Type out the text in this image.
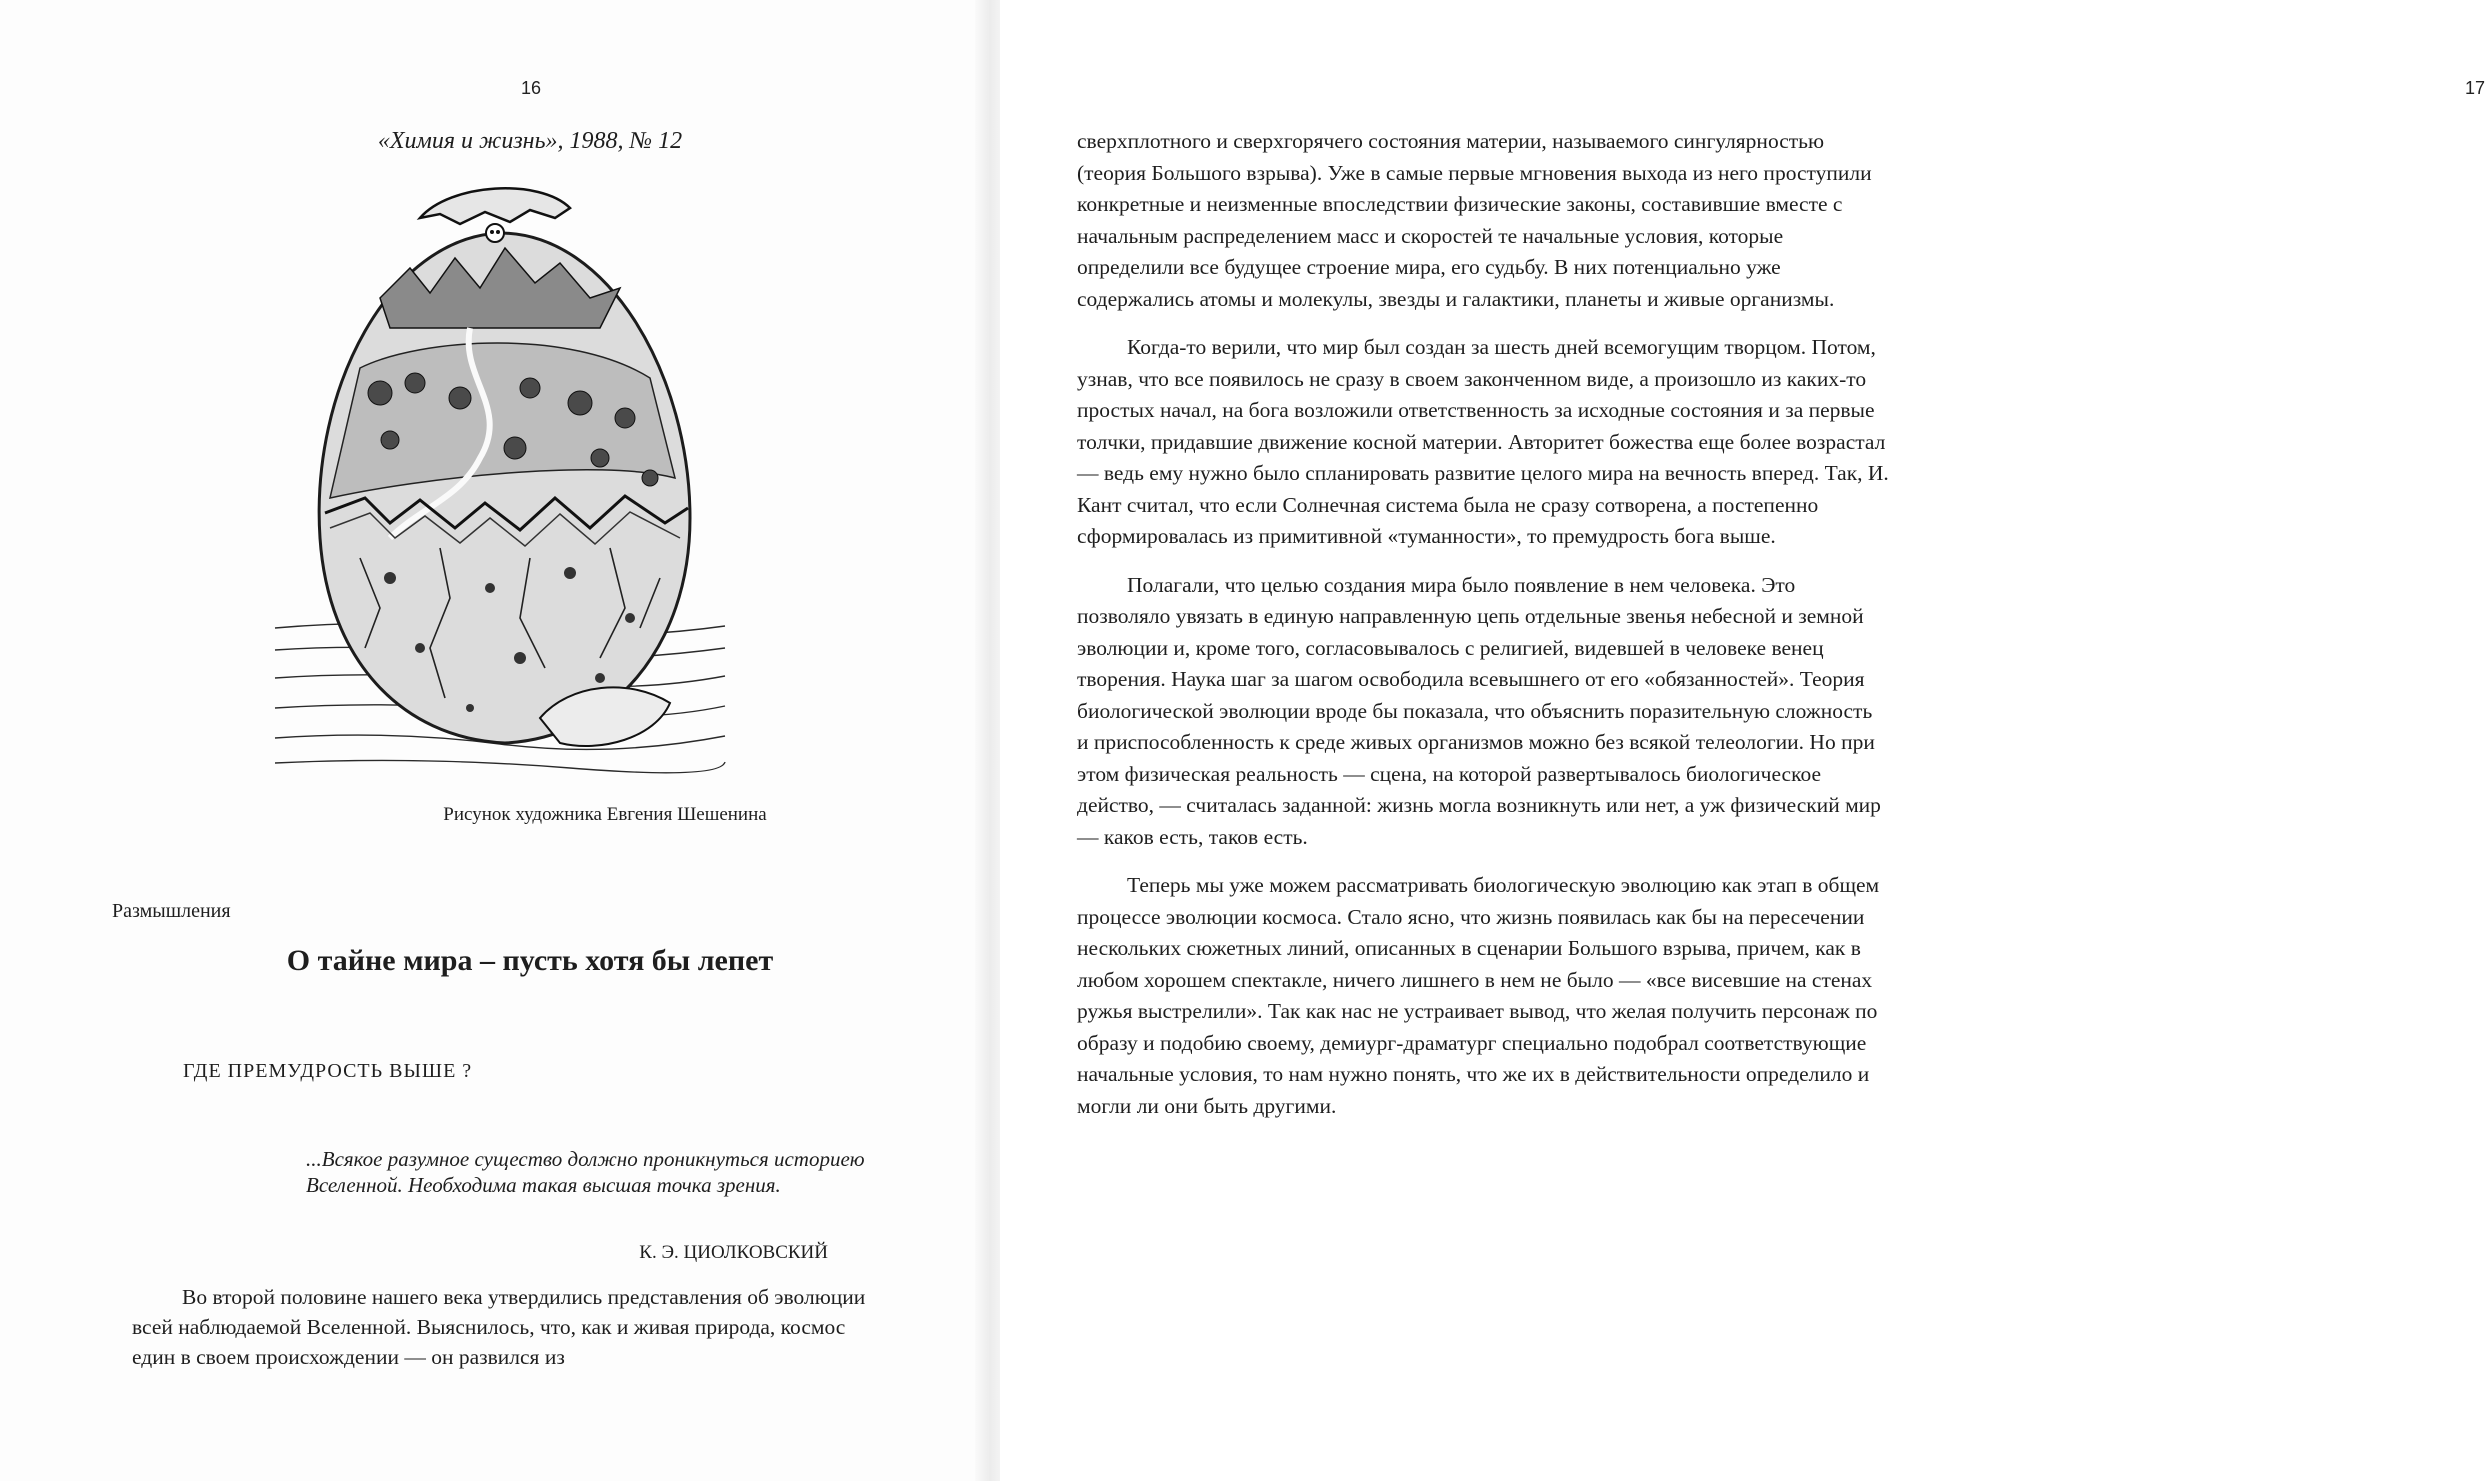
16
«Химия и жизнь», 1988, № 12
Рисунок художника Евгения Шешенина
Размышления
О тайне мира – пусть хотя бы лепет
ГДЕ ПРЕМУДРОСТЬ ВЫШЕ ?
...Всякое разумное существо должно проникнуться историею Вселенной. Необходима такая высшая точка зрения.
К. Э. ЦИОЛКОВСКИЙ

Во второй половине нашего века утвердились представления об эволюции всей наблюдаемой Вселенной. Выяснилось, что, как и живая природа, космос един в своем происхождении — он развился из

17

сверхплотного и сверхгорячего состояния материи, называемого сингулярностью (теория Большого взрыва). Уже в самые первые мгновения выхода из него проступили конкретные и неизменные впоследствии физические законы, составившие вместе с начальным распределением масс и скоростей те начальные условия, которые определили все будущее строение мира, его судьбу. В них потенциально уже содержались атомы и молекулы, звезды и галактики, планеты и живые организмы.

Когда-то верили, что мир был создан за шесть дней всемогущим творцом. Потом, узнав, что все появилось не сразу в своем законченном виде, а произошло из каких-то простых начал, на бога возложили ответственность за исходные состояния и за первые толчки, придавшие движение косной материи. Авторитет божества еще более возрастал — ведь ему нужно было спланировать развитие целого мира на вечность вперед. Так, И. Кант считал, что если Солнечная система была не сразу сотворена, а постепенно сформировалась из примитивной «туманности», то премудрость бога выше.

Полагали, что целью создания мира было появление в нем человека. Это позволяло увязать в единую направленную цепь отдельные звенья небесной и земной эволюции и, кроме того, согласовывалось с религией, видевшей в человеке венец творения. Наука шаг за шагом освободила всевышнего от его «обязанностей». Теория биологической эволюции вроде бы показала, что объяснить поразительную сложность и приспособленность к среде живых организмов можно без всякой телеологии. Но при этом физическая реальность — сцена, на которой развертывалось биологическое действо, — считалась заданной: жизнь могла возникнуть или нет, а уж физический мир — каков есть, таков есть.

Теперь мы уже можем рассматривать биологическую эволюцию как этап в общем процессе эволюции космоса. Стало ясно, что жизнь появилась как бы на пересечении нескольких сюжетных линий, описанных в сценарии Большого взрыва, причем, как в любом хорошем спектакле, ничего лишнего в нем не было — «все висевшие на стенах ружья выстрелили». Так как нас не устраивает вывод, что желая получить персонаж по образу и подобию своему, демиург-драматург специально подобрал соответствующие начальные условия, то нам нужно понять, что же их в действительности определило и могли ли они быть другими.
